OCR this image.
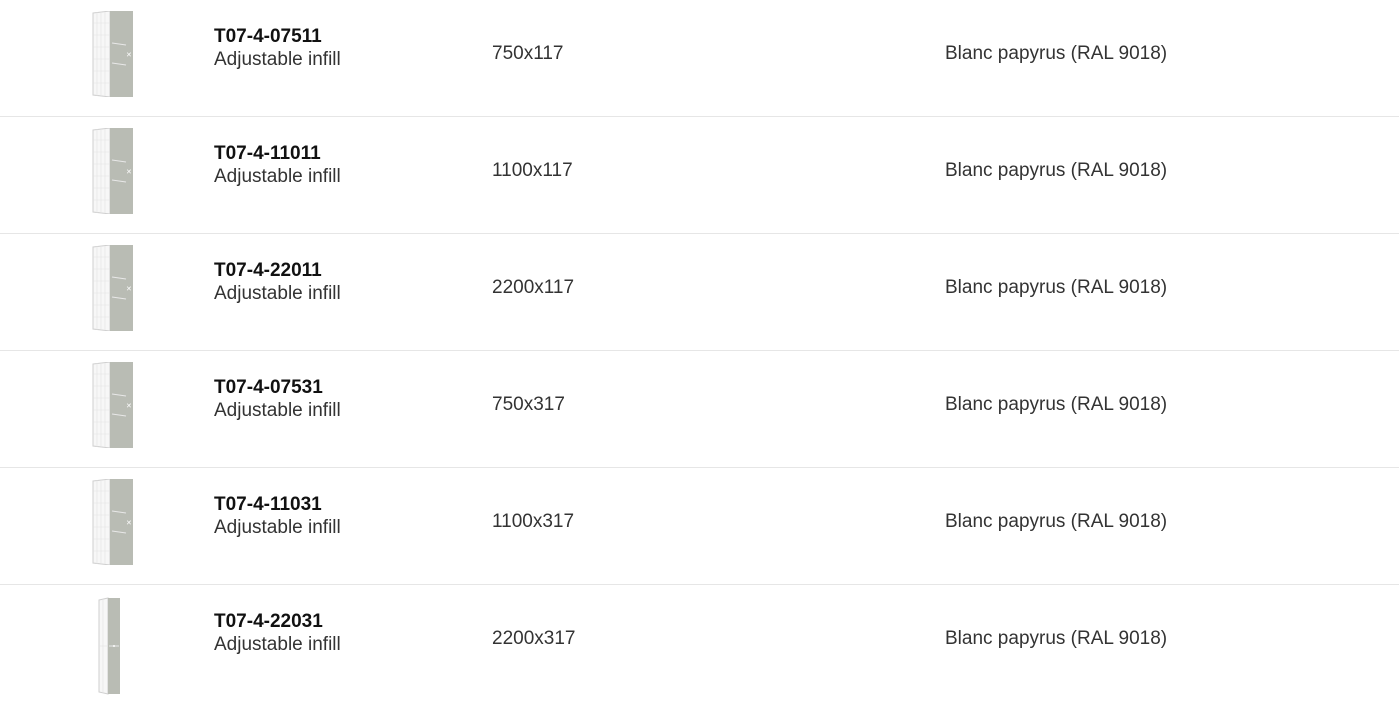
✕
T07-4-07511
Adjustable infill	750x117	Blanc papyrus (RAL 9018)
✕
T07-4-11011
Adjustable infill	1100x117	Blanc papyrus (RAL 9018)
✕
T07-4-22011
Adjustable infill	2200x117	Blanc papyrus (RAL 9018)
✕
T07-4-07531
Adjustable infill	750x317	Blanc papyrus (RAL 9018)
✕
T07-4-11031
Adjustable infill	1100x317	Blanc papyrus (RAL 9018)
T07-4-22031
Adjustable infill	2200x317	Blanc papyrus (RAL 9018)
